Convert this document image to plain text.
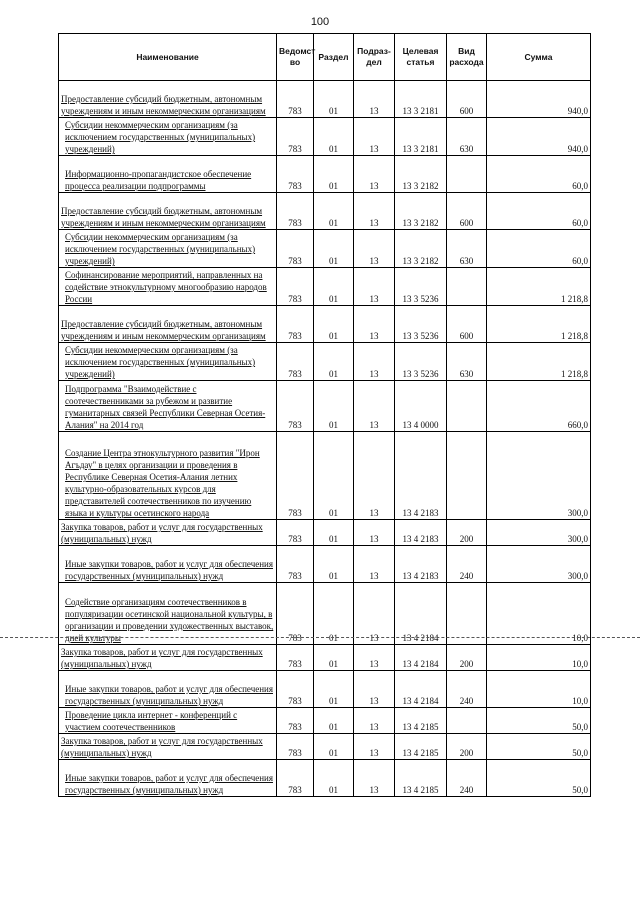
100
Наименование	Ведомст во	Раздел	Подраз- дел	Целевая статья	Вид расхода	Сумма
Предоставление субсидий бюджетным, автономным учреждениям и иным некоммерческим организациям	783	01	13	13 3 2181	600	940,0
Субсидии некоммерческим организациям (за исключением государственных (муниципальных) учреждений)	783	01	13	13 3 2181	630	940,0
Информационно-пропагандистское обеспечение процесса реализации подпрограммы	783	01	13	13 3 2182		60,0
Предоставление субсидий бюджетным, автономным учреждениям и иным некоммерческим организациям	783	01	13	13 3 2182	600	60,0
Субсидии некоммерческим организациям (за исключением государственных (муниципальных) учреждений)	783	01	13	13 3 2182	630	60,0
Софинансирование мероприятий, направленных на содействие этнокультурному многообразию народов России	783	01	13	13 3 5236		1 218,8
Предоставление субсидий бюджетным, автономным учреждениям и иным некоммерческим организациям	783	01	13	13 3 5236	600	1 218,8
Субсидии некоммерческим организациям (за исключением государственных (муниципальных) учреждений)	783	01	13	13 3 5236	630	1 218,8
Подпрограмма "Взаимодействие с соотечественниками за рубежом и развитие гуманитарных связей Республики Северная Осетия-Алания" на 2014 год	783	01	13	13 4 0000		660,0
Создание Центра этнокультурного развития "Ирон Агъдау" в целях организации и проведения в Республике Северная Осетия-Алания летних культурно-образовательных курсов для представителей соотечественников по изучению языка и культуры осетинского народа	783	01	13	13 4 2183		300,0
Закупка товаров, работ и услуг для государственных (муниципальных) нужд	783	01	13	13 4 2183	200	300,0
Иные закупки товаров, работ и услуг для обеспечения государственных (муниципальных) нужд	783	01	13	13 4 2183	240	300,0
Содействие организациям соотечественников в популяризации осетинской национальной культуры, в организации и проведении художественных выставок, дней культуры	783	01	13	13 4 2184		10,0
Закупка товаров, работ и услуг для государственных (муниципальных) нужд	783	01	13	13 4 2184	200	10,0
Иные закупки товаров, работ и услуг для обеспечения государственных (муниципальных) нужд	783	01	13	13 4 2184	240	10,0
Проведение цикла интернет - конференций с участием соотечественников	783	01	13	13 4 2185		50,0
Закупка товаров, работ и услуг для государственных (муниципальных) нужд	783	01	13	13 4 2185	200	50,0
Иные закупки товаров, работ и услуг для обеспечения государственных (муниципальных) нужд	783	01	13	13 4 2185	240	50,0
